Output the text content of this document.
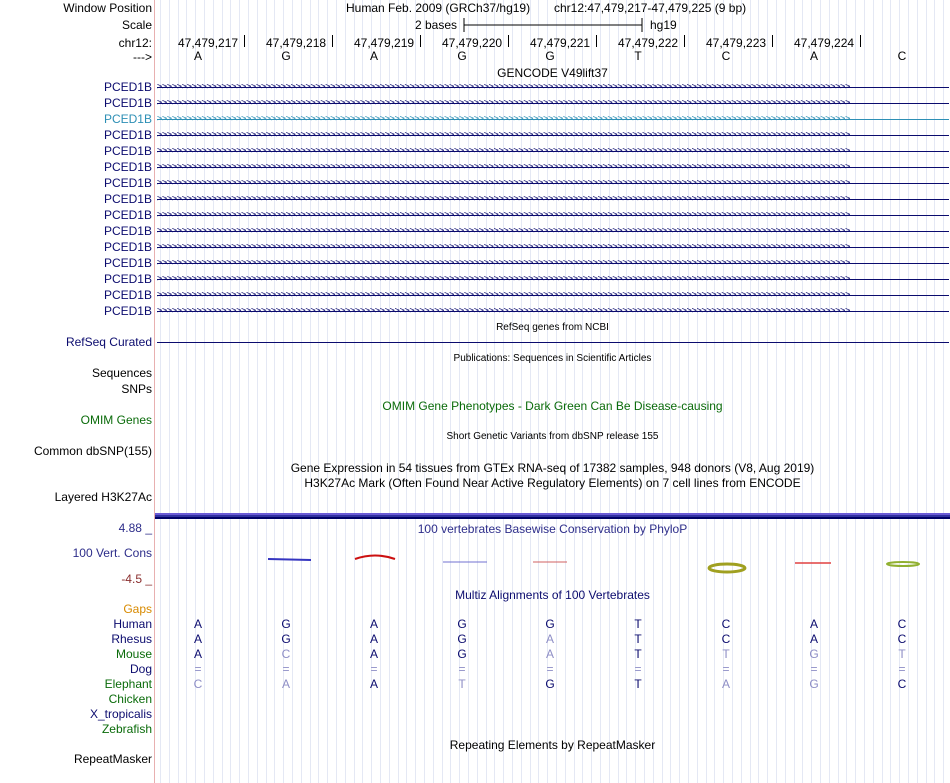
Window Position	Human Feb. 2009 (GRCh37/hg19) chr12:47,479,217-47,479,225 (9 bp)
Scale	2 bases	hg19
chr12: 47,479,217 47,479,218 47,479,219 47,479,220 47,479,221 47,479,222 47,479,223 47,479,224
--->	A	G	A	G	G	T	C	A	C
GENCODE V49lift37
PCED1B >>>>>>>>>>>>>>>>>>>>>>>>>>>>>>>>>>>>>>>>>>>>>>>>>>>>>>>>>>>>>>>>>>>>>>>>>>>>>>>>>>>>>>>>>>>>>>>>>>>>>>>>>>>>>>>>>>>>>>>>>>>>>>>>>>>>>>>>>>>>
PCED1B >>>>>>>>>>>>>>>>>>>>>>>>>>>>>>>>>>>>>>>>>>>>>>>>>>>>>>>>>>>>>>>>>>>>>>>>>>>>>>>>>>>>>>>>>>>>>>>>>>>>>>>>>>>>>>>>>>>>>>>>>>>>>>>>>>>>>>>>>>>>
PCED1B >>>>>>>>>>>>>>>>>>>>>>>>>>>>>>>>>>>>>>>>>>>>>>>>>>>>>>>>>>>>>>>>>>>>>>>>>>>>>>>>>>>>>>>>>>>>>>>>>>>>>>>>>>>>>>>>>>>>>>>>>>>>>>>>>>>>>>>>>>>>
PCED1B >>>>>>>>>>>>>>>>>>>>>>>>>>>>>>>>>>>>>>>>>>>>>>>>>>>>>>>>>>>>>>>>>>>>>>>>>>>>>>>>>>>>>>>>>>>>>>>>>>>>>>>>>>>>>>>>>>>>>>>>>>>>>>>>>>>>>>>>>>>>
PCED1B >>>>>>>>>>>>>>>>>>>>>>>>>>>>>>>>>>>>>>>>>>>>>>>>>>>>>>>>>>>>>>>>>>>>>>>>>>>>>>>>>>>>>>>>>>>>>>>>>>>>>>>>>>>>>>>>>>>>>>>>>>>>>>>>>>>>>>>>>>>>
PCED1B >>>>>>>>>>>>>>>>>>>>>>>>>>>>>>>>>>>>>>>>>>>>>>>>>>>>>>>>>>>>>>>>>>>>>>>>>>>>>>>>>>>>>>>>>>>>>>>>>>>>>>>>>>>>>>>>>>>>>>>>>>>>>>>>>>>>>>>>>>>>
PCED1B >>>>>>>>>>>>>>>>>>>>>>>>>>>>>>>>>>>>>>>>>>>>>>>>>>>>>>>>>>>>>>>>>>>>>>>>>>>>>>>>>>>>>>>>>>>>>>>>>>>>>>>>>>>>>>>>>>>>>>>>>>>>>>>>>>>>>>>>>>>>
PCED1B >>>>>>>>>>>>>>>>>>>>>>>>>>>>>>>>>>>>>>>>>>>>>>>>>>>>>>>>>>>>>>>>>>>>>>>>>>>>>>>>>>>>>>>>>>>>>>>>>>>>>>>>>>>>>>>>>>>>>>>>>>>>>>>>>>>>>>>>>>>>
PCED1B >>>>>>>>>>>>>>>>>>>>>>>>>>>>>>>>>>>>>>>>>>>>>>>>>>>>>>>>>>>>>>>>>>>>>>>>>>>>>>>>>>>>>>>>>>>>>>>>>>>>>>>>>>>>>>>>>>>>>>>>>>>>>>>>>>>>>>>>>>>>
PCED1B >>>>>>>>>>>>>>>>>>>>>>>>>>>>>>>>>>>>>>>>>>>>>>>>>>>>>>>>>>>>>>>>>>>>>>>>>>>>>>>>>>>>>>>>>>>>>>>>>>>>>>>>>>>>>>>>>>>>>>>>>>>>>>>>>>>>>>>>>>>>
PCED1B >>>>>>>>>>>>>>>>>>>>>>>>>>>>>>>>>>>>>>>>>>>>>>>>>>>>>>>>>>>>>>>>>>>>>>>>>>>>>>>>>>>>>>>>>>>>>>>>>>>>>>>>>>>>>>>>>>>>>>>>>>>>>>>>>>>>>>>>>>>>
PCED1B >>>>>>>>>>>>>>>>>>>>>>>>>>>>>>>>>>>>>>>>>>>>>>>>>>>>>>>>>>>>>>>>>>>>>>>>>>>>>>>>>>>>>>>>>>>>>>>>>>>>>>>>>>>>>>>>>>>>>>>>>>>>>>>>>>>>>>>>>>>>
PCED1B >>>>>>>>>>>>>>>>>>>>>>>>>>>>>>>>>>>>>>>>>>>>>>>>>>>>>>>>>>>>>>>>>>>>>>>>>>>>>>>>>>>>>>>>>>>>>>>>>>>>>>>>>>>>>>>>>>>>>>>>>>>>>>>>>>>>>>>>>>>>
PCED1B >>>>>>>>>>>>>>>>>>>>>>>>>>>>>>>>>>>>>>>>>>>>>>>>>>>>>>>>>>>>>>>>>>>>>>>>>>>>>>>>>>>>>>>>>>>>>>>>>>>>>>>>>>>>>>>>>>>>>>>>>>>>>>>>>>>>>>>>>>>>
PCED1B >>>>>>>>>>>>>>>>>>>>>>>>>>>>>>>>>>>>>>>>>>>>>>>>>>>>>>>>>>>>>>>>>>>>>>>>>>>>>>>>>>>>>>>>>>>>>>>>>>>>>>>>>>>>>>>>>>>>>>>>>>>>>>>>>>>>>>>>>>>>
RefSeq genes from NCBI
RefSeq Curated
Publications: Sequences in Scientific Articles
Sequences
SNPs
OMIM Gene Phenotypes - Dark Green Can Be Disease-causing
OMIM Genes
Short Genetic Variants from dbSNP release 155
Common dbSNP(155)
Gene Expression in 54 tissues from GTEx RNA-seq of 17382 samples, 948 donors (V8, Aug 2019)
H3K27Ac Mark (Often Found Near Active Regulatory Elements) on 7 cell lines from ENCODE
Layered H3K27Ac
4.88 _	100 vertebrates Basewise Conservation by PhyloP
100 Vert. Cons
-4.5 _
Multiz Alignments of 100 Vertebrates
Gaps
Human	A	G	A	G	G	T	C	A	C
Rhesus	A	G	A	G	A	T	C	A	C
Mouse	A	C	A	G	A	T	T	G	T
Dog	=	=	=	=	=	=	=	=	=
Elephant	C	A	A	T	G	T	A	G	C
Chicken
X_tropicalis
Zebrafish
Repeating Elements by RepeatMasker
RepeatMasker
